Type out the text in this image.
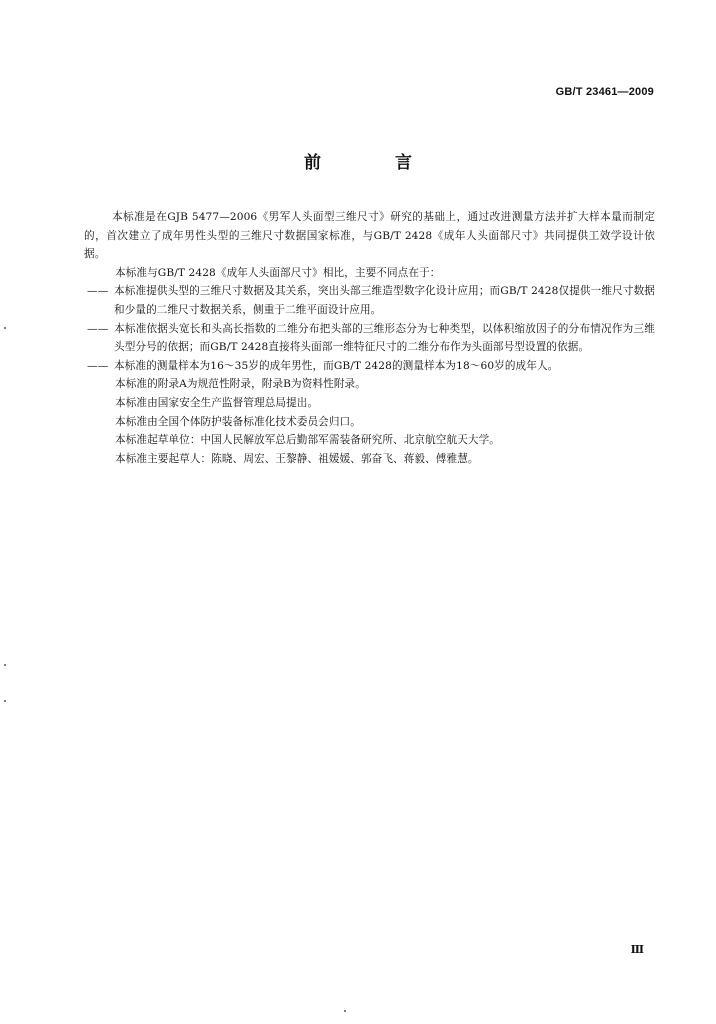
GB/T 23461—2009
前 言

本标准是在GJB 5477—2006《男军人头面型三维尺寸》研究的基础上，通过改进测量方法并扩大样本量而制定的，首次建立了成年男性头型的三维尺寸数据国家标准，与GB/T 2428《成年人头面部尺寸》共同提供工效学设计依据。

本标准与GB/T 2428《成年人头面部尺寸》相比，主要不同点在于：

—— 本标准提供头型的三维尺寸数据及其关系，突出头部三维造型数字化设计应用；而GB/T 2428仅提供一维尺寸数据和少量的二维尺寸数据关系，侧重于二维平面设计应用。
—— 本标准依据头宽长和头高长指数的二维分布把头部的三维形态分为七种类型，以体积缩放因子的分布情况作为三维头型分号的依据；而GB/T 2428直接将头面部一维特征尺寸的二维分布作为头面部号型设置的依据。
—— 本标准的测量样本为16～35岁的成年男性，而GB/T 2428的测量样本为18～60岁的成年人。

本标准的附录A为规范性附录，附录B为资料性附录。

本标准由国家安全生产监督管理总局提出。

本标准由全国个体防护装备标准化技术委员会归口。

本标准起草单位：中国人民解放军总后勤部军需装备研究所、北京航空航天大学。

本标准主要起草人：陈晓、周宏、王黎静、祖媛媛、郭奋飞、蒋毅、傅雅慧。

Ⅲ
